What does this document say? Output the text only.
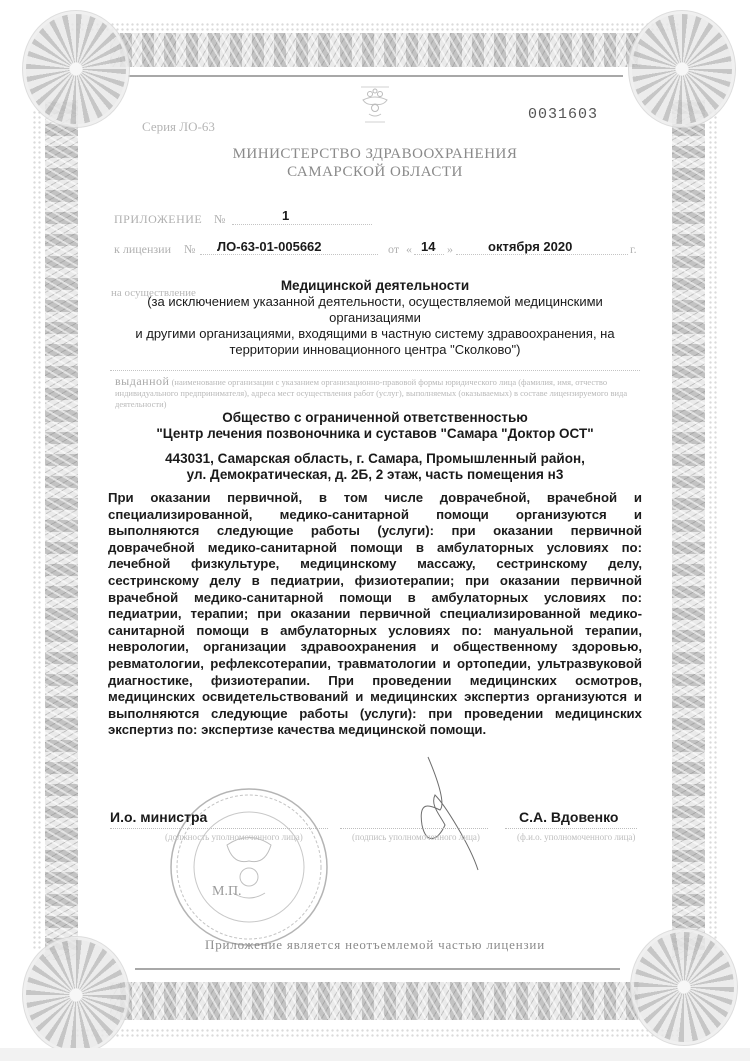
Серия ЛО-63
0031603
МИНИСТЕРСТВО ЗДРАВООХРАНЕНИЯ
САМАРСКОЙ ОБЛАСТИ
ПРИЛОЖЕНИЕ №	1
к лицензии № ЛО-63-01-005662	от « 14 »	октября 2020	г.
на осуществление	Медицинской деятельности
(за исключением указанной деятельности, осуществляемой медицинскими организациями
и другими организациями, входящими в частную систему здравоохранения, на
территории инновационного центра "Сколково")
выданной (наименование организации с указанием организационно-правовой формы юридического лица (фамилия, имя, отчество индивидуального предпринимателя), адреса мест осуществления работ (услуг), выполняемых (оказываемых) в составе лицензируемого вида деятельности)
Общество с ограниченной ответственностью
"Центр лечения позвоночника и суставов "Самара "Доктор ОСТ"
443031, Самарская область, г. Самара, Промышленный район,
ул. Демократическая, д. 2Б, 2 этаж, часть помещения н3
При оказании первичной, в том числе доврачебной, врачебной и специализированной, медико-санитарной помощи организуются и выполняются следующие работы (услуги): при оказании первичной доврачебной медико-санитарной помощи в амбулаторных условиях по: лечебной физкультуре, медицинскому массажу, сестринскому делу, сестринскому делу в педиатрии, физиотерапии; при оказании первичной врачебной медико-санитарной помощи в амбулаторных условиях по: педиатрии, терапии; при оказании первичной специализированной медико-санитарной помощи в амбулаторных условиях по: мануальной терапии, неврологии, организации здравоохранения и общественному здоровью, ревматологии, рефлексотерапии, травматологии и ортопедии, ультразвуковой диагностике, физиотерапии. При проведении медицинских осмотров, медицинских освидетельствований и медицинских экспертиз организуются и выполняются следующие работы (услуги): при проведении медицинских экспертиз по: экспертизе качества медицинской помощи.
М.П.
И.о. министра	С.А. Вдовенко
(должность уполномоченного лица)	(подпись уполномоченного лица)	(ф.и.о. уполномоченного лица)
Приложение является неотъемлемой частью лицензии
